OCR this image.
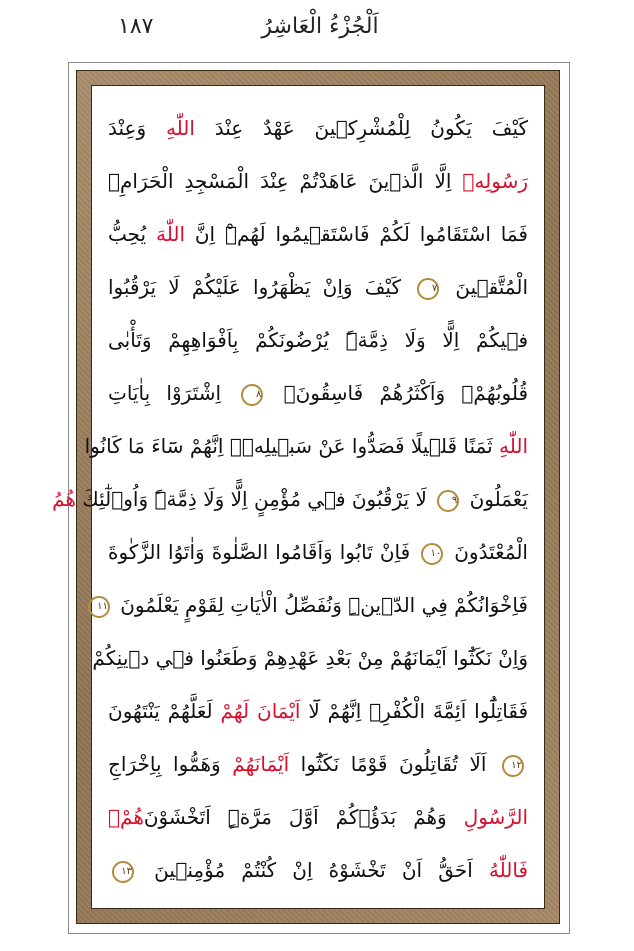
١٨٧	اَلْجُزْءُ الْعَاشِرُ
كَيْفَ يَكُونُ لِلْمُشْرِك۪ينَ عَهْدٌ عِنْدَ اللّٰهِ وَعِنْدَ
رَسُولِه۪ اِلَّا الَّذ۪ينَ عَاهَدْتُمْ عِنْدَ الْمَسْجِدِ الْحَرَامِۚ
فَمَا اسْتَقَامُوا لَكُمْ فَاسْتَق۪يمُوا لَهُمْۜ اِنَّ اللّٰهَ يُحِبُّ
الْمُتَّق۪ينَ ٧ كَيْفَ وَاِنْ يَظْهَرُوا عَلَيْكُمْ لَا يَرْقُبُوا
ف۪يكُمْ اِلًّا وَلَا ذِمَّةًۜ يُرْضُونَكُمْ بِاَفْوَاهِهِمْ وَتَأْبٰى
قُلُوبُهُمْۚ وَاَكْثَرُهُمْ فَاسِقُونَۚ ٨ اِشْتَرَوْا بِاٰيَاتِ
اللّٰهِ ثَمَنًا قَل۪يلًا فَصَدُّوا عَنْ سَب۪يلِه۪ۜ اِنَّهُمْ سَٓاءَ مَا كَانُوا
يَعْمَلُونَ ٩ لَا يَرْقُبُونَ ف۪ي مُؤْمِنٍ اِلًّا وَلَا ذِمَّةًۜ وَاُو۬لٰٓئِكَ هُمُ
الْمُعْتَدُونَ ١٠ فَاِنْ تَابُوا وَاَقَامُوا الصَّلٰوةَ وَاٰتَوُا الزَّكٰوةَ
فَاِخْوَانُكُمْ فِي الدّ۪ينِۜ وَنُفَصِّلُ الْاٰيَاتِ لِقَوْمٍ يَعْلَمُونَ ١١
وَاِنْ نَكَثُٓوا اَيْمَانَهُمْ مِنْ بَعْدِ عَهْدِهِمْ وَطَعَنُوا ف۪ي د۪ينِكُمْ
فَقَاتِلُٓوا اَئِمَّةَ الْكُفْرِۙ اِنَّهُمْ لَٓا اَيْمَانَ لَهُمْ لَعَلَّهُمْ يَنْتَهُونَ
١٢ اَلَا تُقَاتِلُونَ قَوْمًا نَكَثُٓوا اَيْمَانَهُمْ وَهَمُّوا بِاِخْرَاجِ
الرَّسُولِ وَهُمْ بَدَؤُ۫كُمْ اَوَّلَ مَرَّةٍۜ اَتَخْشَوْنَهُمْۚ
فَاللّٰهُ اَحَقُّ اَنْ تَخْشَوْهُ اِنْ كُنْتُمْ مُؤْمِن۪ينَ ١٣
